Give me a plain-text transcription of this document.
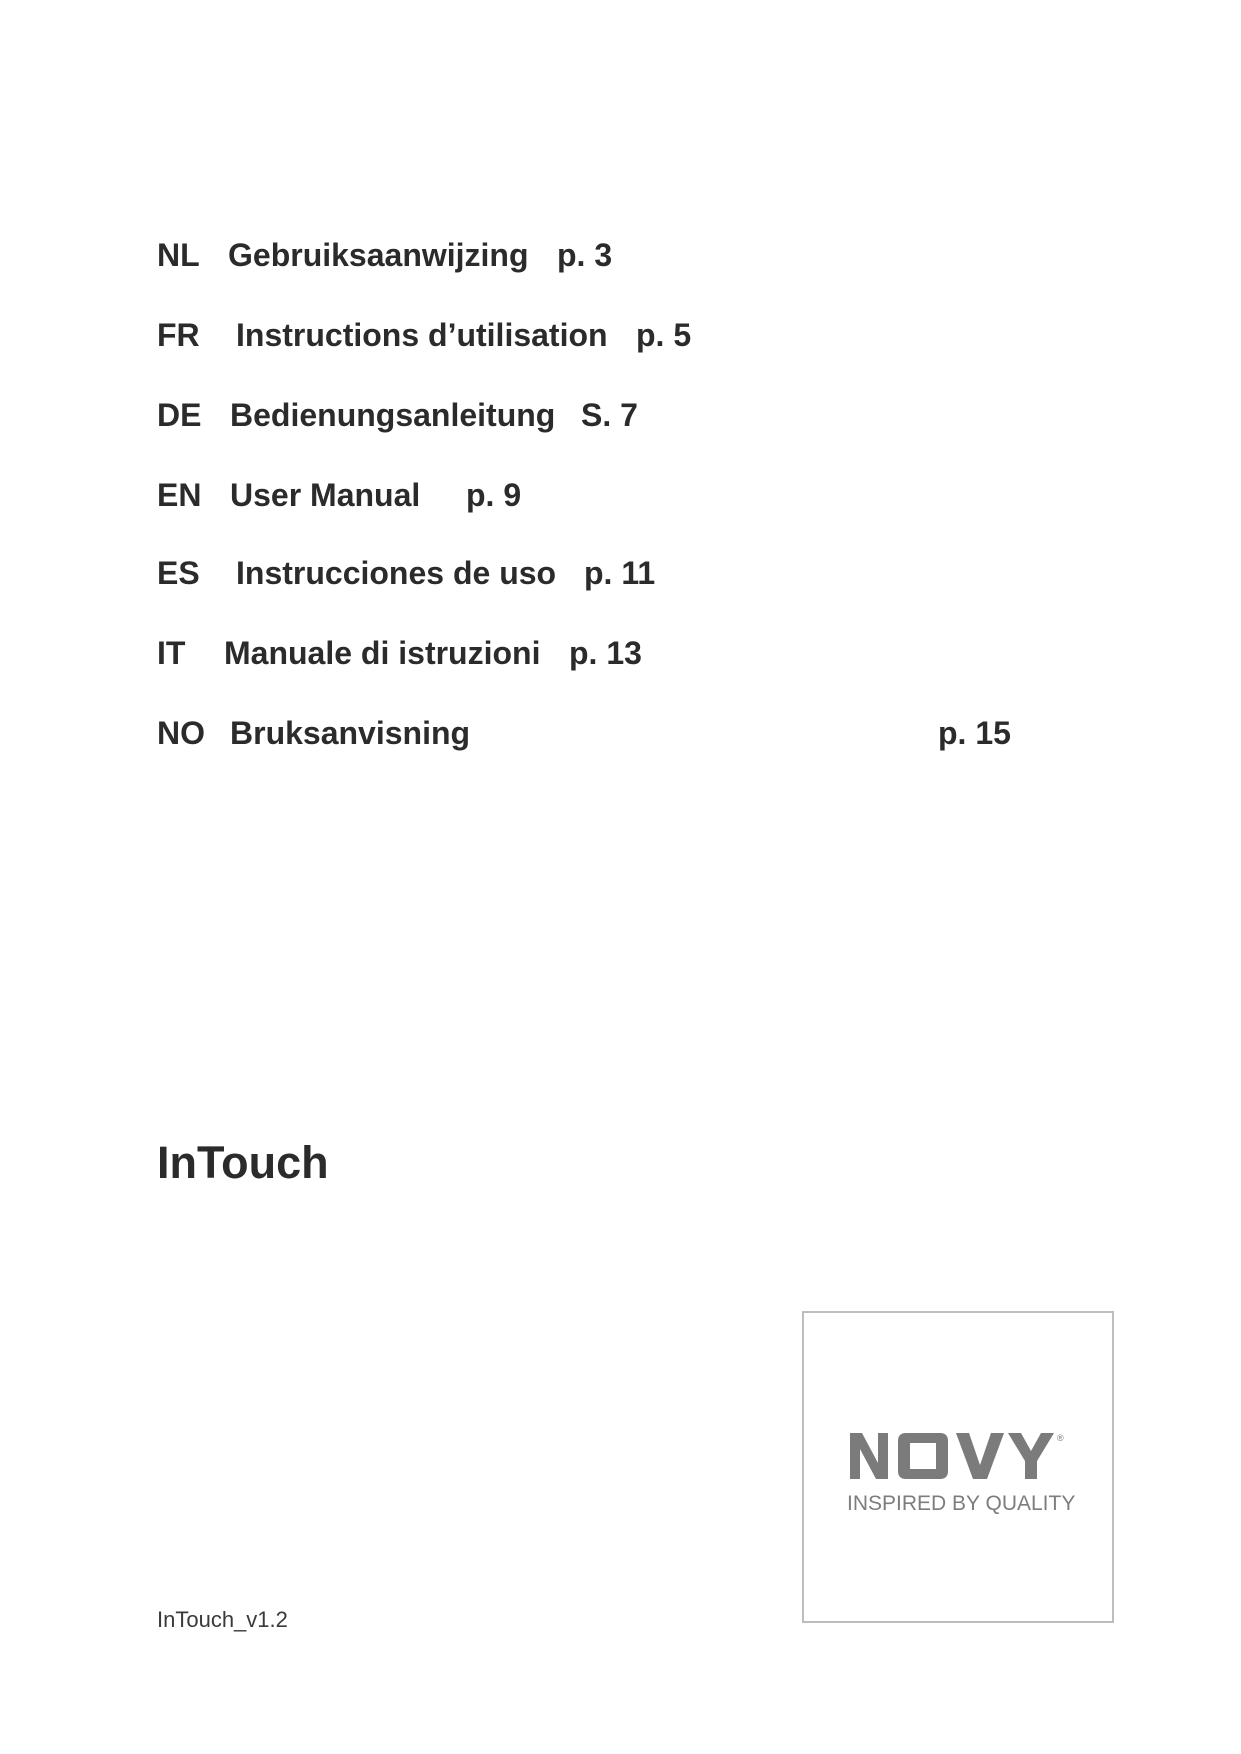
NL Gebruiksaanwijzing p. 3
FR Instructions d’utilisation p. 5
DE Bedienungsanleitung S. 7
EN User Manual p. 9
ES Instrucciones de uso p. 11
IT Manuale di istruzioni p. 13
NO Bruksanvisning	p. 15
InTouch
InTouch_v1.2
®
INSPIRED BY QUALITY
